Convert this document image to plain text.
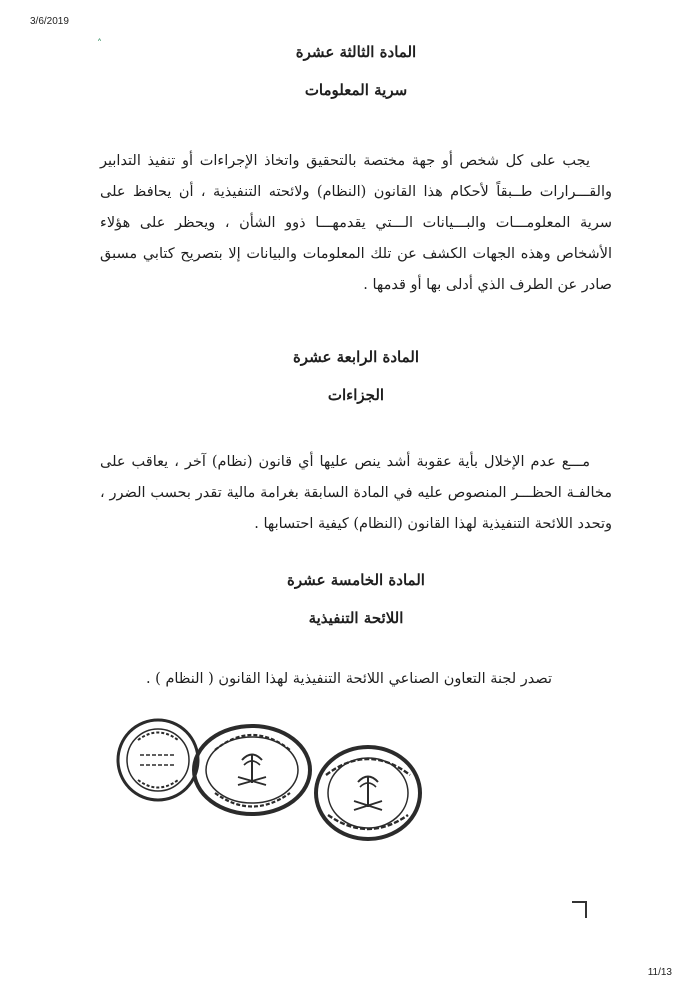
3/6/2019
˰
المادة الثالثة عشرة
سرية المعلومات

يجب على كل شخص أو جهة مختصة بالتحقيق واتخاذ الإجراءات أو تنفيذ التدابير والقـــرارات طــبقاً لأحكام هذا القانون (النظام) ولائحته التنفيذية ، أن يحافظ على سرية المعلومـــات والبـــيانات الـــتي يقدمهـــا ذوو الشأن ، ويحظر على هؤلاء الأشخاص وهذه الجهات الكشف عن تلك المعلومات والبيانات إلا بتصريح كتابي مسبق صادر عن الطرف الذي أدلى بها أو قدمها .

المادة الرابعة عشرة
الجزاءات

مـــع عدم الإخلال بأية عقوبة أشد ينص عليها أي قانون (نظام) آخر ، يعاقب على مخالفـة الحظـــر المنصوص عليه في المادة السابقة بغرامة مالية تقدر بحسب الضرر ، وتحدد اللائحة التنفيذية لهذا القانون (النظام) كيفية احتسابها .

المادة الخامسة عشرة
اللائحة التنفيذية

تصدر لجنة التعاون الصناعي اللائحة التنفيذية لهذا القانون ( النظام ) .

11/13
